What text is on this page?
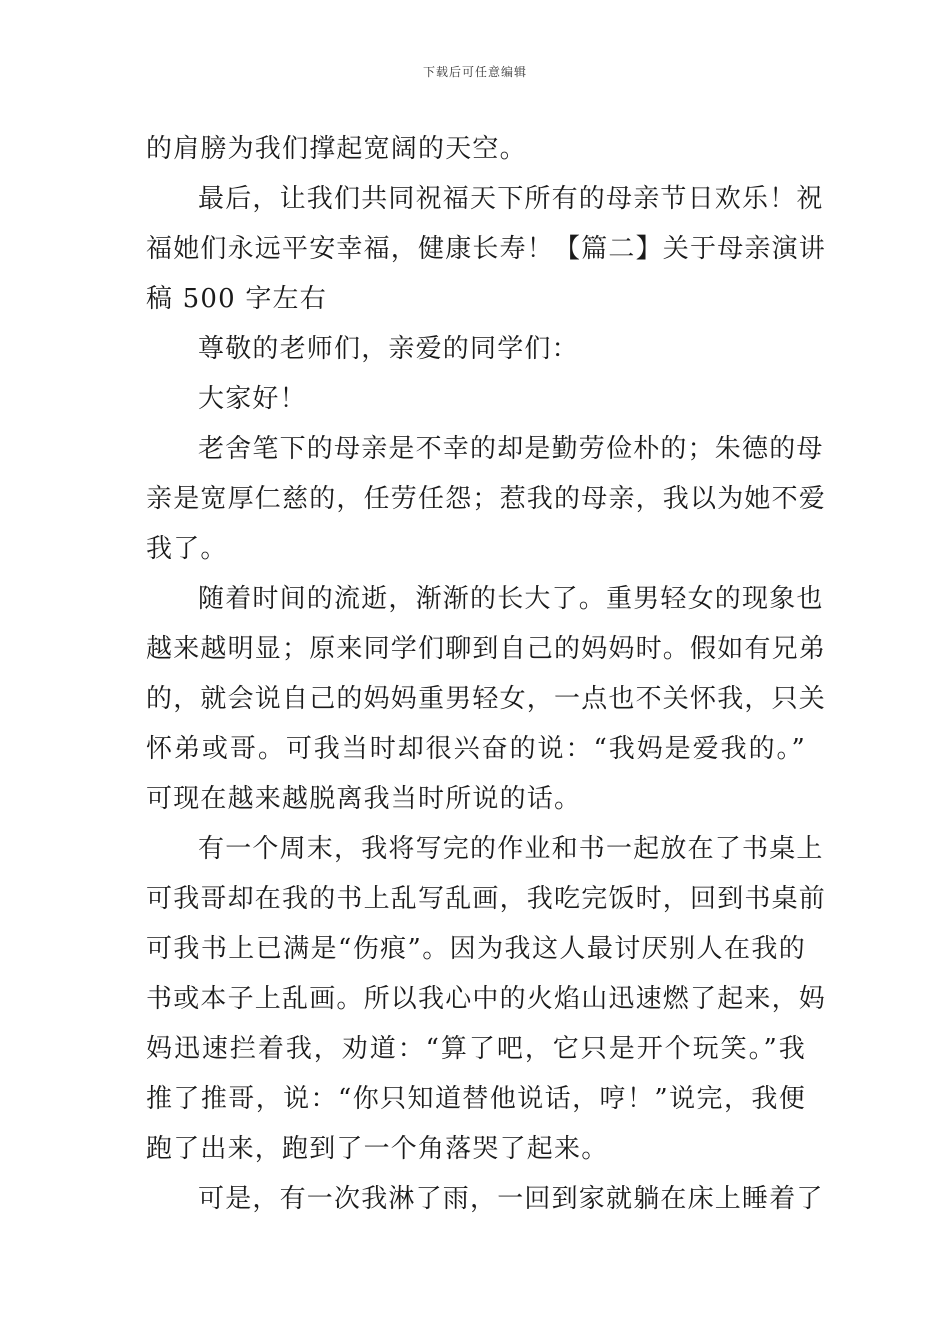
下载后可任意编辑
的肩膀为我们撑起宽阔的天空。
最后，让我们共同祝福天下所有的母亲节日欢乐！祝
福她们永远平安幸福，健康长寿！【篇二】关于母亲演讲
稿 500 字左右
尊敬的老师们，亲爱的同学们：
大家好！
老舍笔下的母亲是不幸的却是勤劳俭朴的；朱德的母
亲是宽厚仁慈的，任劳任怨；惹我的母亲，我以为她不爱
我了。
随着时间的流逝，渐渐的长大了。重男轻女的现象也
越来越明显；原来同学们聊到自己的妈妈时。假如有兄弟
的，就会说自己的妈妈重男轻女，一点也不关怀我，只关
怀弟或哥。可我当时却很兴奋的说：“我妈是爱我的。”
可现在越来越脱离我当时所说的话。
有一个周末，我将写完的作业和书一起放在了书桌上
可我哥却在我的书上乱写乱画，我吃完饭时，回到书桌前
可我书上已满是“伤痕”。因为我这人最讨厌别人在我的
书或本子上乱画。所以我心中的火焰山迅速燃了起来，妈
妈迅速拦着我，劝道：“算了吧，它只是开个玩笑。”我
推了推哥，说：“你只知道替他说话，哼！”说完，我便
跑了出来，跑到了一个角落哭了起来。
可是，有一次我淋了雨，一回到家就躺在床上睡着了
